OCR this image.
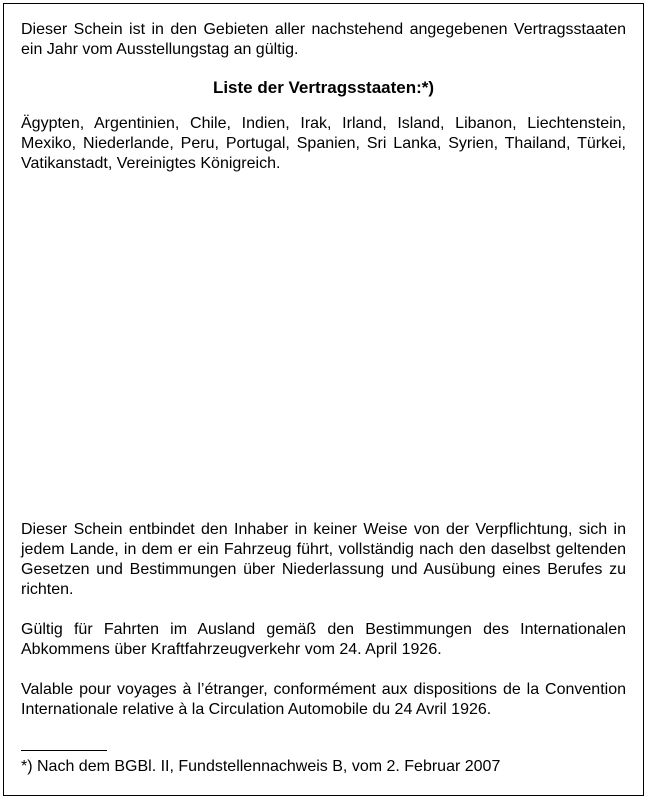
Dieser Schein ist in den Gebieten aller nachstehend angegebenen Vertragsstaaten ein Jahr vom Ausstellungstag an gültig.

Liste der Vertragsstaaten:*)

Ägypten, Argentinien, Chile, Indien, Irak, Irland, Island, Libanon, Liechtenstein, Mexiko, Niederlande, Peru, Portugal, Spanien, Sri Lanka, Syrien, Thailand, Türkei, Vatikanstadt, Vereinigtes Königreich.

Dieser Schein entbindet den Inhaber in keiner Weise von der Verpflichtung, sich in jedem Lande, in dem er ein Fahrzeug führt, vollständig nach den daselbst geltenden Gesetzen und Bestimmungen über Niederlassung und Ausübung eines Berufes zu richten.

Gültig für Fahrten im Ausland gemäß den Bestimmungen des Internationalen Abkommens über Kraftfahrzeugverkehr vom 24. April 1926.

Valable pour voyages à l’étranger, conformément aux dispositions de la Convention Internationale relative à la Circulation Automobile du 24 Avril 1926.

*) Nach dem BGBl. II, Fundstellennachweis B, vom 2. Februar 2007
